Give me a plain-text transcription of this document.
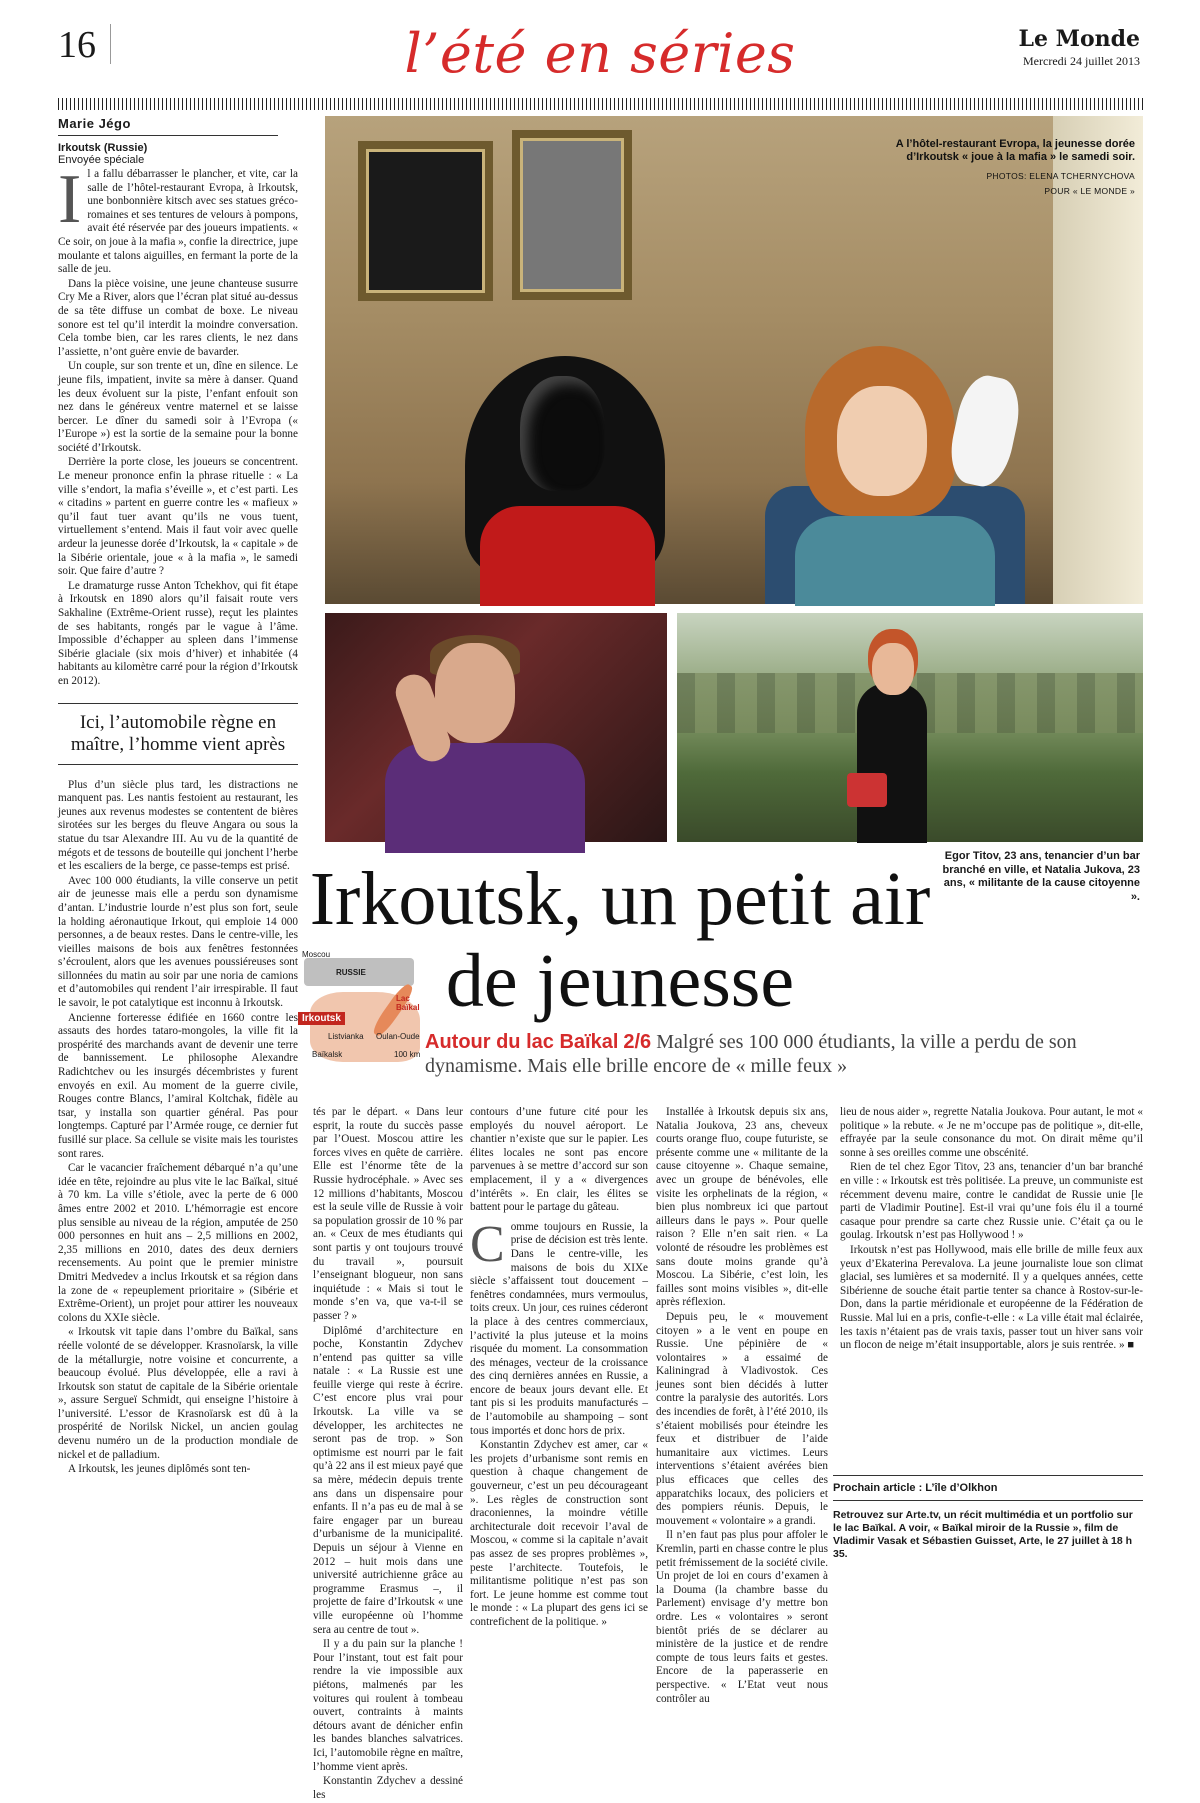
16	l’été en séries	Le Monde
Mercredi 24 juillet 2013
Marie Jégo
Irkoutsk (Russie)
Envoyée spéciale

Il a fallu débarrasser le plancher, et vite, car la salle de l’hôtel-restaurant Evropa, à Irkoutsk, une bonbonnière kitsch avec ses statues gréco-romaines et ses tentures de velours à pompons, avait été réservée par des joueurs impatients. « Ce soir, on joue à la mafia », confie la directrice, jupe moulante et talons aiguilles, en fermant la porte de la salle de jeu.

Dans la pièce voisine, une jeune chanteuse susurre Cry Me a River, alors que l’écran plat situé au-dessus de sa tête diffuse un combat de boxe. Le niveau sonore est tel qu’il interdit la moindre conversation. Cela tombe bien, car les rares clients, le nez dans l’assiette, n’ont guère envie de bavarder.

Un couple, sur son trente et un, dîne en silence. Le jeune fils, impatient, invite sa mère à danser. Quand les deux évoluent sur la piste, l’enfant enfouit son nez dans le généreux ventre maternel et se laisse bercer. Le dîner du samedi soir à l’Evropa (« l’Europe ») est la sortie de la semaine pour la bonne société d’Irkoutsk.

Derrière la porte close, les joueurs se concentrent. Le meneur prononce enfin la phrase rituelle : « La ville s’endort, la mafia s’éveille », et c’est parti. Les « citadins » partent en guerre contre les « mafieux » qu’il faut tuer avant qu’ils ne vous tuent, virtuellement s’entend. Mais il faut voir avec quelle ardeur la jeunesse dorée d’Irkoutsk, la « capitale » de la Sibérie orientale, joue « à la mafia », le samedi soir. Que faire d’autre ?

Le dramaturge russe Anton Tchekhov, qui fit étape à Irkoutsk en 1890 alors qu’il faisait route vers Sakhaline (Extrême-Orient russe), reçut les plaintes de ses habitants, rongés par le vague à l’âme. Impossible d’échapper au spleen dans l’immense Sibérie glaciale (six mois d’hiver) et inhabitée (4 habitants au kilomètre carré pour la région d’Irkoutsk en 2012).

Ici, l’automobile règne en maître, l’homme vient après

Plus d’un siècle plus tard, les distractions ne manquent pas. Les nantis festoient au restaurant, les jeunes aux revenus modestes se contentent de bières sirotées sur les berges du fleuve Angara ou sous la statue du tsar Alexandre III. Au vu de la quantité de mégots et de tessons de bouteille qui jonchent l’herbe et les escaliers de la berge, ce passe-temps est prisé.

Avec 100 000 étudiants, la ville conserve un petit air de jeunesse mais elle a perdu son dynamisme d’antan. L’industrie lourde n’est plus son fort, seule la holding aéronautique Irkout, qui emploie 14 000 personnes, a de beaux restes. Dans le centre-ville, les vieilles maisons de bois aux fenêtres festonnées s’écroulent, alors que les avenues poussiéreuses sont sillonnées du matin au soir par une noria de camions et d’automobiles qui rendent l’air irrespirable. Il faut le savoir, le pot catalytique est inconnu à Irkoutsk.

Ancienne forteresse édifiée en 1660 contre les assauts des hordes tataro-mongoles, la ville fit la prospérité des marchands avant de devenir une terre de bannissement. Le philosophe Alexandre Radichtchev ou les insurgés décembristes y furent envoyés en exil. Au moment de la guerre civile, Rouges contre Blancs, l’amiral Koltchak, fidèle au tsar, y installa son quartier général. Pas pour longtemps. Capturé par l’Armée rouge, ce dernier fut fusillé sur place. Sa cellule se visite mais les touristes sont rares.

Car le vacancier fraîchement débarqué n’a qu’une idée en tête, rejoindre au plus vite le lac Baïkal, situé à 70 km. La ville s’étiole, avec la perte de 6 000 âmes entre 2002 et 2010. L’hémorragie est encore plus sensible au niveau de la région, amputée de 250 000 personnes en huit ans – 2,5 millions en 2002, 2,35 millions en 2010, dates des deux derniers recensements. Au point que le premier ministre Dmitri Medvedev a inclus Irkoutsk et sa région dans la zone de « repeuplement prioritaire » (Sibérie et Extrême-Orient), un projet pour attirer les nouveaux colons du XXIe siècle.

« Irkoutsk vit tapie dans l’ombre du Baïkal, sans réelle volonté de se développer. Krasnoïarsk, la ville de la métallurgie, notre voisine et concurrente, a beaucoup évolué. Plus développée, elle a ravi à Irkoutsk son statut de capitale de la Sibérie orientale », assure Sergueï Schmidt, qui enseigne l’histoire à l’université. L’essor de Krasnoïarsk est dû à la prospérité de Norilsk Nickel, un ancien goulag devenu numéro un de la production mondiale de nickel et de palladium.

A Irkoutsk, les jeunes diplômés sont ten-

A l’hôtel-restaurant Evropa, la jeunesse dorée d’Irkoutsk « joue à la mafia » le samedi soir.
PHOTOS: ELENA TCHERNYCHOVA
POUR « LE MONDE »
Irkoutsk, un petit air de jeunesse
Egor Titov, 23 ans, tenancier d’un bar branché en ville, et Natalia Jukova, 23 ans, « militante de la cause citoyenne ».
Moscou
RUSSIE
Lac Baïkal
Irkoutsk
Listvianka Oulan-Oude
Baïkalsk	100 km
Autour du lac Baïkal 2/6 Malgré ses 100 000 étudiants, la ville a perdu de son dynamisme. Mais elle brille encore de « mille feux »

tés par le départ. « Dans leur esprit, la route du succès passe par l’Ouest. Moscou attire les forces vives en quête de carrière. Elle est l’énorme tête de la Russie hydrocéphale. » Avec ses 12 millions d’habitants, Moscou est la seule ville de Russie à voir sa population grossir de 10 % par an. « Ceux de mes étudiants qui sont partis y ont toujours trouvé du travail », poursuit l’enseignant blogueur, non sans inquiétude : « Mais si tout le monde s’en va, que va-t-il se passer ? »

Diplômé d’architecture en poche, Konstantin Zdychev n’entend pas quitter sa ville natale : « La Russie est une feuille vierge qui reste à écrire. C’est encore plus vrai pour Irkoutsk. La ville va se développer, les architectes ne seront pas de trop. » Son optimisme est nourri par le fait qu’à 22 ans il est mieux payé que sa mère, médecin depuis trente ans dans un dispensaire pour enfants. Il n’a pas eu de mal à se faire engager par un bureau d’urbanisme de la municipalité. Depuis un séjour à Vienne en 2012 – huit mois dans une université autrichienne grâce au programme Erasmus –, il projette de faire d’Irkoutsk « une ville européenne où l’homme sera au centre de tout ».

Il y a du pain sur la planche ! Pour l’instant, tout est fait pour rendre la vie impossible aux piétons, malmenés par les voitures qui roulent à tombeau ouvert, contraints à maints détours avant de dénicher enfin les bandes blanches salvatrices. Ici, l’automobile règne en maître, l’homme vient après.

Konstantin Zdychev a dessiné les

contours d’une future cité pour les employés du nouvel aéroport. Le chantier n’existe que sur le papier. Les élites locales ne sont pas encore parvenues à se mettre d’accord sur son emplacement, il y a « divergences d’intérêts ». En clair, les élites se battent pour le partage du gâteau.

Comme toujours en Russie, la prise de décision est très lente. Dans le centre-ville, les maisons de bois du XIXe siècle s’affaissent tout doucement – fenêtres condamnées, murs vermoulus, toits creux. Un jour, ces ruines céderont la place à des centres commerciaux, l’activité la plus juteuse et la moins risquée du moment. La consommation des ménages, vecteur de la croissance des cinq dernières années en Russie, a encore de beaux jours devant elle. Et tant pis si les produits manufacturés – de l’automobile au shampoing – sont tous importés et donc hors de prix.

Konstantin Zdychev est amer, car « les projets d’urbanisme sont remis en question à chaque changement de gouverneur, c’est un peu décourageant ». Les règles de construction sont draconiennes, la moindre vétille architecturale doit recevoir l’aval de Moscou, « comme si la capitale n’avait pas assez de ses propres problèmes », peste l’architecte. Toutefois, le militantisme politique n’est pas son fort. Le jeune homme est comme tout le monde : « La plupart des gens ici se contrefichent de la politique. »

Installée à Irkoutsk depuis six ans, Natalia Joukova, 23 ans, cheveux courts orange fluo, coupe futuriste, se présente comme une « militante de la cause citoyenne ». Chaque semaine, avec un groupe de bénévoles, elle visite les orphelinats de la région, « bien plus nombreux ici que partout ailleurs dans le pays ». Pour quelle raison ? Elle n’en sait rien. « La volonté de résoudre les problèmes est sans doute moins grande qu’à Moscou. La Sibérie, c’est loin, les failles sont moins visibles », dit-elle après réflexion.

Depuis peu, le « mouvement citoyen » a le vent en poupe en Russie. Une pépinière de « volontaires » a essaimé de Kaliningrad à Vladivostok. Ces jeunes sont bien décidés à lutter contre la paralysie des autorités. Lors des incendies de forêt, à l’été 2010, ils s’étaient mobilisés pour éteindre les feux et distribuer de l’aide humanitaire aux victimes. Leurs interventions s’étaient avérées bien plus efficaces que celles des apparatchiks locaux, des policiers et des pompiers réunis. Depuis, le mouvement « volontaire » a grandi.

Il n’en faut pas plus pour affoler le Kremlin, parti en chasse contre le plus petit frémissement de la société civile. Un projet de loi en cours d’examen à la Douma (la chambre basse du Parlement) envisage d’y mettre bon ordre. Les « volontaires » seront bientôt priés de se déclarer au ministère de la justice et de rendre compte de tous leurs faits et gestes. Encore de la paperasserie en perspective. « L’Etat veut nous contrôler au

lieu de nous aider », regrette Natalia Joukova. Pour autant, le mot « politique » la rebute. « Je ne m’occupe pas de politique », dit-elle, effrayée par la seule consonance du mot. On dirait même qu’il sonne à ses oreilles comme une obscénité.

Rien de tel chez Egor Titov, 23 ans, tenancier d’un bar branché en ville : « Irkoutsk est très politisée. La preuve, un communiste est récemment devenu maire, contre le candidat de Russie unie [le parti de Vladimir Poutine]. Est-il vrai qu’une fois élu il a tourné casaque pour prendre sa carte chez Russie unie. C’était ça ou le goulag. Irkoutsk n’est pas Hollywood ! »

Irkoutsk n’est pas Hollywood, mais elle brille de mille feux aux yeux d’Ekaterina Perevalova. La jeune journaliste loue son climat glacial, ses lumières et sa modernité. Il y a quelques années, cette Sibérienne de souche était partie tenter sa chance à Rostov-sur-le-Don, dans la partie méridionale et européenne de la Fédération de Russie. Mal lui en a pris, confie-t-elle : « La ville était mal éclairée, les taxis n’étaient pas de vrais taxis, passer tout un hiver sans voir un flocon de neige m’était insupportable, alors je suis rentrée. » ■

Prochain article : L’île d’Olkhon
Retrouvez sur Arte.tv, un récit multimédia et un portfolio sur le lac Baïkal. A voir, « Baïkal miroir de la Russie », film de Vladimir Vasak et Sébastien Guisset, Arte, le 27 juillet à 18 h 35.
